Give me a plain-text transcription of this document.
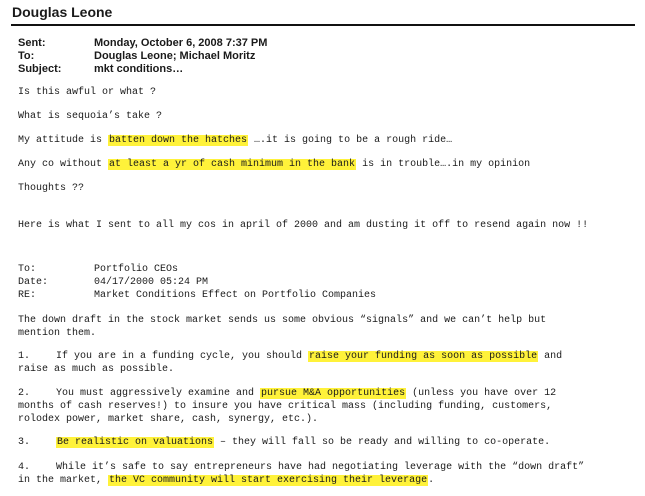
Douglas Leone
Sent:	Monday, October 6, 2008 7:37 PM
To:	Douglas Leone; Michael Moritz
Subject:	mkt conditions…
Is this awful or what ?
What is sequoia’s take ?
My attitude is batten down the hatches ….it is going to be a rough ride…
Any co without at least a yr of cash minimum in the bank is in trouble….in my opinion
Thoughts ??
Here is what I sent to all my cos in april of 2000 and am dusting it off to resend again now !!
To:	Portfolio CEOs
Date:	04/17/2000 05:24 PM
RE:	Market Conditions Effect on Portfolio Companies
The down draft in the stock market sends us some obvious “signals” and we can’t help but
mention them.
1.	If you are in a funding cycle, you should raise your funding as soon as possible and
raise as much as possible.
2.	You must aggressively examine and pursue M&A opportunities (unless you have over 12
months of cash reserves!) to insure you have critical mass (including funding, customers,
rolodex power, market share, cash, synergy, etc.).
3.	Be realistic on valuations – they will fall so be ready and willing to co-operate.
4.	While it’s safe to say entrepreneurs have had negotiating leverage with the “down draft”
in the market, the VC community will start exercising their leverage.
